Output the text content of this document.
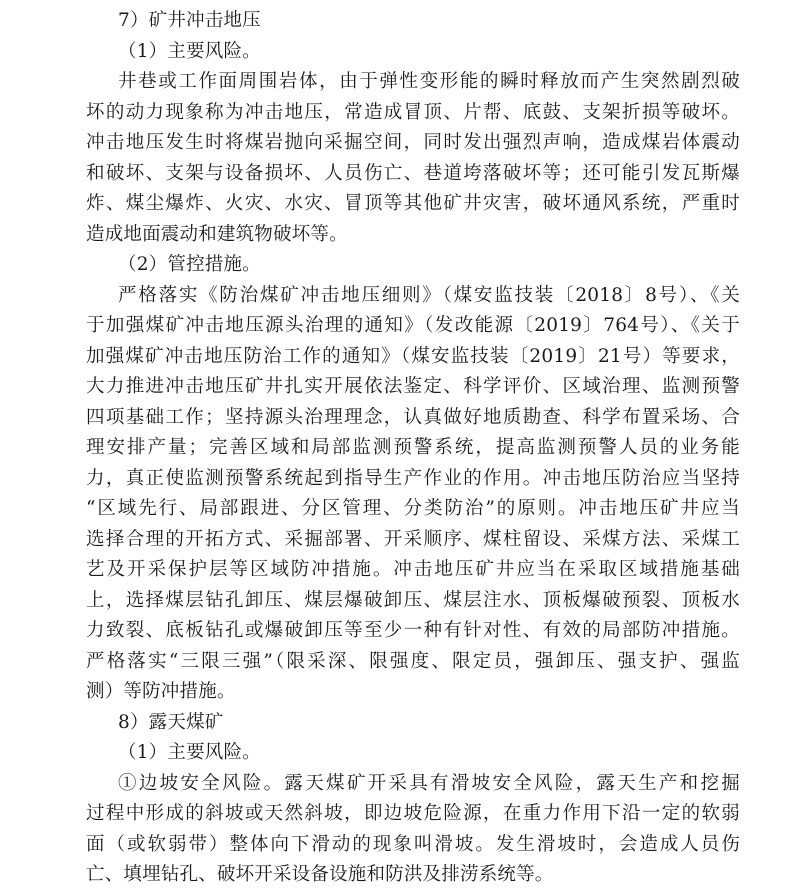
7）矿井冲击地压
（1）主要风险。
井巷或工作面周围岩体，由于弹性变形能的瞬时释放而产生突然剧烈破
坏的动力现象称为冲击地压，常造成冒顶、片帮、底鼓、支架折损等破坏。
冲击地压发生时将煤岩抛向采掘空间，同时发出强烈声响，造成煤岩体震动
和破坏、支架与设备损坏、人员伤亡、巷道垮落破坏等；还可能引发瓦斯爆
炸、煤尘爆炸、火灾、水灾、冒顶等其他矿井灾害，破坏通风系统，严重时
造成地面震动和建筑物破坏等。
（2）管控措施。
严格落实《防治煤矿冲击地压细则》（煤安监技装〔2018〕8号）、《关
于加强煤矿冲击地压源头治理的通知》（发改能源〔2019〕764号）、《关于
加强煤矿冲击地压防治工作的通知》（煤安监技装〔2019〕21号）等要求，
大力推进冲击地压矿井扎实开展依法鉴定、科学评价、区域治理、监测预警
四项基础工作；坚持源头治理理念，认真做好地质勘查、科学布置采场、合
理安排产量；完善区域和局部监测预警系统，提高监测预警人员的业务能
力，真正使监测预警系统起到指导生产作业的作用。冲击地压防治应当坚持
“区域先行、局部跟进、分区管理、分类防治”的原则。冲击地压矿井应当
选择合理的开拓方式、采掘部署、开采顺序、煤柱留设、采煤方法、采煤工
艺及开采保护层等区域防冲措施。冲击地压矿井应当在采取区域措施基础
上，选择煤层钻孔卸压、煤层爆破卸压、煤层注水、顶板爆破预裂、顶板水
力致裂、底板钻孔或爆破卸压等至少一种有针对性、有效的局部防冲措施。
严格落实“三限三强”（限采深、限强度、限定员，强卸压、强支护、强监
测）等防冲措施。
8）露天煤矿
（1）主要风险。
①边坡安全风险。露天煤矿开采具有滑坡安全风险，露天生产和挖掘
过程中形成的斜坡或天然斜坡，即边坡危险源，在重力作用下沿一定的软弱
面（或软弱带）整体向下滑动的现象叫滑坡。发生滑坡时，会造成人员伤
亡、填埋钻孔、破坏开采设备设施和防洪及排涝系统等。
